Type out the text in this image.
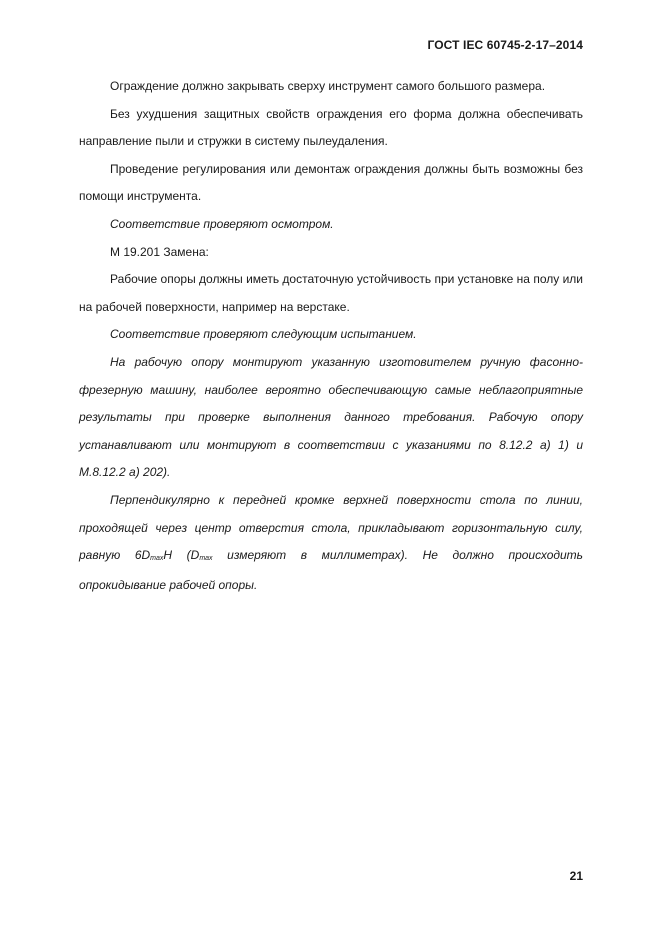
ГОСТ IEC 60745-2-17–2014

Ограждение должно закрывать сверху инструмент самого большого размера.

Без ухудшения защитных свойств ограждения его форма должна обеспечивать направление пыли и стружки в систему пылеудаления.

Проведение регулирования или демонтаж ограждения должны быть возможны без помощи инструмента.

Соответствие проверяют осмотром.

М 19.201 Замена:

Рабочие опоры должны иметь достаточную устойчивость при установке на полу или на рабочей поверхности, например на верстаке.

Соответствие проверяют следующим испытанием.

На рабочую опору монтируют указанную изготовителем ручную фасонно-фрезерную машину, наиболее вероятно обеспечивающую самые неблагоприятные результаты при проверке выполнения данного требования. Рабочую опору устанавливают или монтируют в соответствии с указаниями по 8.12.2 а) 1) и М.8.12.2 а) 202).

Перпендикулярно к передней кромке верхней поверхности стола по линии, проходящей через центр отверстия стола, прикладывают горизонтальную силу, равную 6DmaxН (Dmax измеряют в миллиметрах). Не должно происходить опрокидывание рабочей опоры.

21
